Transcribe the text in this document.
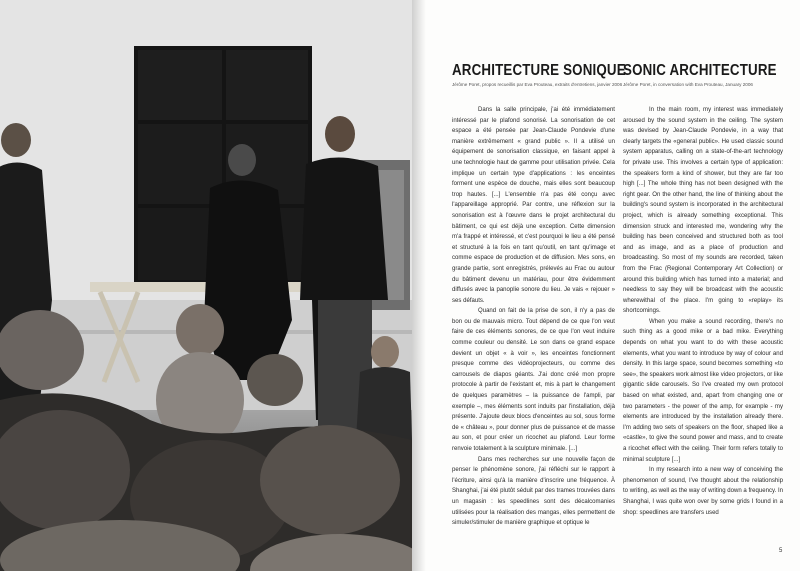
ARCHITECTURE SONIQUE
Jérôme Poret, propos recueillis par Eva Prouteau, extraits d'entretiens, janvier 2006

Dans la salle principale, j'ai été immédiatement intéressé par le plafond sonorisé. La sonorisation de cet espace a été pensée par Jean-Claude Pondevie d'une manière extrêmement « grand public ». Il a utilisé un équipement de sonorisation classique, en faisant appel à une technologie haut de gamme pour utilisation privée. Cela implique un certain type d'applications : les enceintes forment une espèce de douche, mais elles sont beaucoup trop hautes. [...] L'ensemble n'a pas été conçu avec l'appareillage approprié. Par contre, une réflexion sur la sonorisation est à l'œuvre dans le projet architectural du bâtiment, ce qui est déjà une exception. Cette dimension m'a frappé et intéressé, et c'est pourquoi le lieu a été pensé et structuré à la fois en tant qu'outil, en tant qu'image et comme espace de production et de diffusion. Mes sons, en grande partie, sont enregistrés, prélevés au Frac ou autour du bâtiment devenu un matériau, pour être évidemment diffusés avec la panoplie sonore du lieu. Je vais « rejouer » ses défauts.

Quand on fait de la prise de son, il n'y a pas de bon ou de mauvais micro. Tout dépend de ce que l'on veut faire de ces éléments sonores, de ce que l'on veut induire comme couleur ou densité. Le son dans ce grand espace devient un objet « à voir », les enceintes fonctionnent presque comme des vidéoprojecteurs, ou comme des carrousels de diapos géants. J'ai donc créé mon propre protocole à partir de l'existant et, mis à part le changement de quelques paramètres – la puissance de l'ampli, par exemple –, mes éléments sont induits par l'installation, déjà présente. J'ajoute deux blocs d'enceintes au sol, sous forme de « château », pour donner plus de puissance et de masse au son, et pour créer un ricochet au plafond. Leur forme renvoie totalement à la sculpture minimale. [...]

Dans mes recherches sur une nouvelle façon de penser le phénomène sonore, j'ai réfléchi sur le rapport à l'écriture, ainsi qu'à la manière d'inscrire une fréquence. À Shanghai, j'ai été plutôt séduit par des trames trouvées dans un magasin : les speedlines sont des décalcomanies utilisées pour la réalisation des mangas, elles permettent de simuler/stimuler de manière graphique et optique le

SONIC ARCHITECTURE
Jérôme Poret, in conversation with Eva Prouteau, January 2006

In the main room, my interest was immediately aroused by the sound system in the ceiling. The system was devised by Jean-Claude Pondevie, in a way that clearly targets the «general public». He used classic sound system apparatus, calling on a state-of-the-art technology for private use. This involves a certain type of application: the speakers form a kind of shower, but they are far too high [...] The whole thing has not been designed with the right gear. On the other hand, the line of thinking about the building's sound system is incorporated in the architectural project, which is already something exceptional. This dimension struck and interested me, wondering why the building has been conceived and structured both as tool and as image, and as a place of production and broadcasting. So most of my sounds are recorded, taken from the Frac (Regional Contemporary Art Collection) or around this building which has turned into a material; and needless to say they will be broadcast with the acoustic wherewithal of the place. I'm going to «replay» its shortcomings.

When you make a sound recording, there's no such thing as a good mike or a bad mike. Everything depends on what you want to do with these acoustic elements, what you want to introduce by way of colour and density. In this large space, sound becomes something «to see», the speakers work almost like video projectors, or like gigantic slide carousels. So I've created my own protocol based on what existed, and, apart from changing one or two parameters - the power of the amp, for example - my elements are introduced by the installation already there. I'm adding two sets of speakers on the floor, shaped like a «castle», to give the sound power and mass, and to create a ricochet effect with the ceiling. Their form refers totally to minimal sculpture [...]

In my research into a new way of conceiving the phenomenon of sound, I've thought about the relationship to writing, as well as the way of writing down a frequency. In Shanghai, I was quite won over by some grids I found in a shop: speedlines are transfers used

5
